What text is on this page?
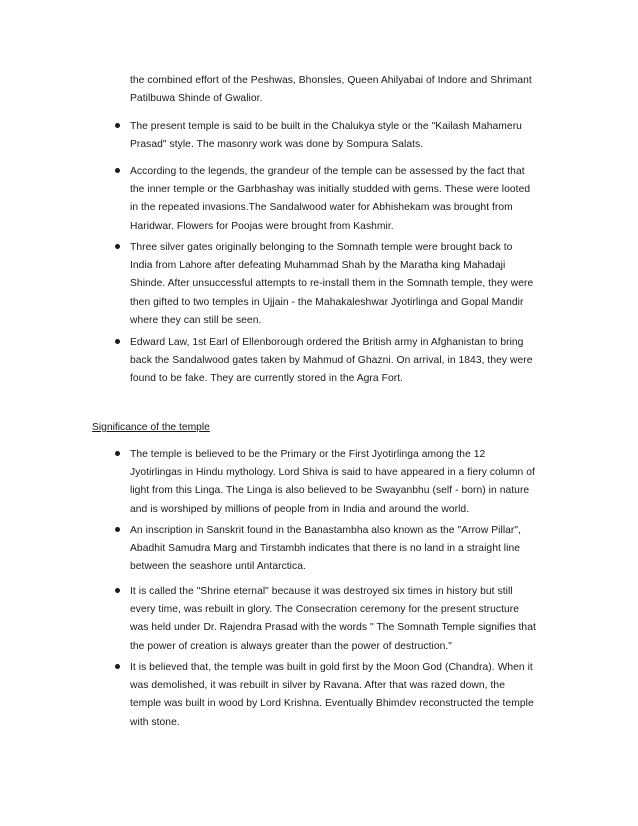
the combined effort of the Peshwas, Bhonsles, Queen Ahilyabai of Indore and Shrimant
Patilbuwa Shinde of Gwalior.

The present temple is said to be built in the Chalukya style or the "Kailash Mahameru
Prasad" style. The masonry work was done by Sompura Salats.

According to the legends, the grandeur of the temple can be assessed by the fact that
the inner temple or the Garbhashay was initially studded with gems. These were looted
in the repeated invasions.The Sandalwood water for Abhishekam was brought from
Haridwar. Flowers for Poojas were brought from Kashmir.

Three silver gates originally belonging to the Somnath temple were brought back to
India from Lahore after defeating Muhammad Shah by the Maratha king Mahadaji
Shinde. After unsuccessful attempts to re-install them in the Somnath temple, they were
then gifted to two temples in Ujjain - the Mahakaleshwar Jyotirlinga and Gopal Mandir
where they can still be seen.

Edward Law, 1st Earl of Ellenborough ordered the British army in Afghanistan to bring
back the Sandalwood gates taken by Mahmud of Ghazni. On arrival, in 1843, they were
found to be fake. They are currently stored in the Agra Fort.

Significance of the temple

The temple is believed to be the Primary or the First Jyotirlinga among the 12
Jyotirlingas in Hindu mythology. Lord Shiva is said to have appeared in a fiery column of
light from this Linga. The Linga is also believed to be Swayanbhu (self - born) in nature
and is worshiped by millions of people from in India and around the world.

An inscription in Sanskrit found in the Banastambha also known as the "Arrow Pillar",
Abadhit Samudra Marg and Tirstambh indicates that there is no land in a straight line
between the seashore until Antarctica.

It is called the "Shrine eternal" because it was destroyed six times in history but still
every time, was rebuilt in glory. The Consecration ceremony for the present structure
was held under Dr. Rajendra Prasad with the words " The Somnath Temple signifies that
the power of creation is always greater than the power of destruction."

It is believed that, the temple was built in gold first by the Moon God (Chandra). When it
was demolished, it was rebuilt in silver by Ravana. After that was razed down, the
temple was built in wood by Lord Krishna. Eventually Bhimdev reconstructed the temple
with stone.
